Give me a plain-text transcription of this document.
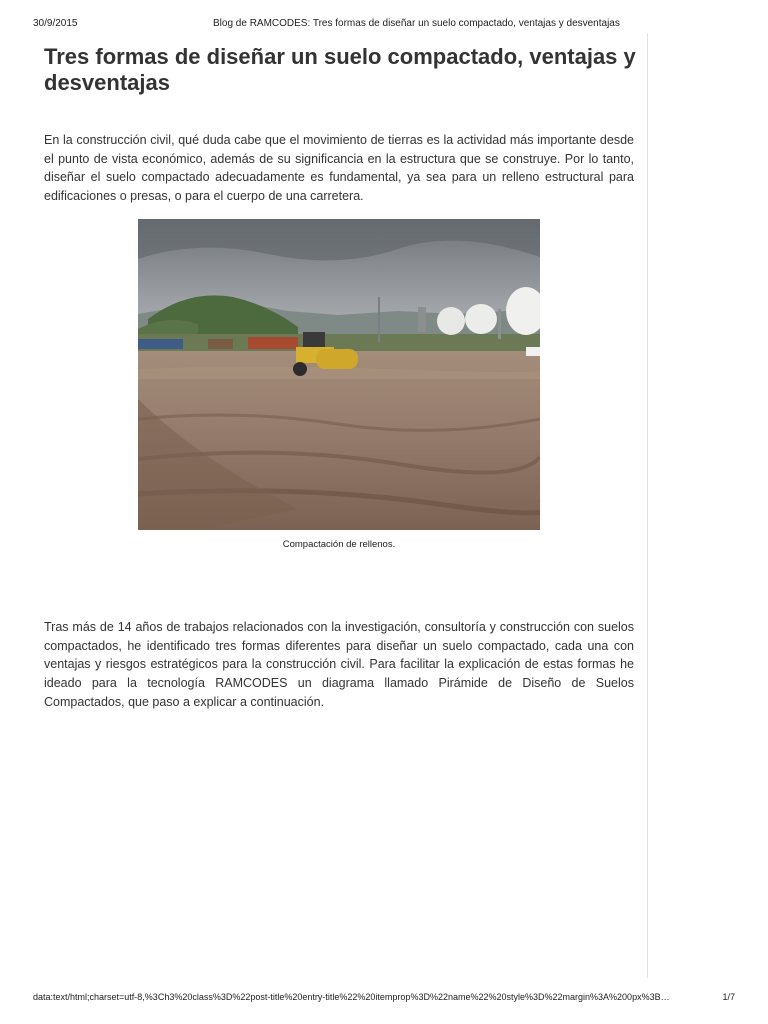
30/9/2015	Blog de RAMCODES: Tres formas de diseñar un suelo compactado, ventajas y desventajas
Tres formas de diseñar un suelo compactado, ventajas y desventajas

En la construcción civil, qué duda cabe que el movimiento de tierras es la actividad más importante desde el punto de vista económico, además de su significancia en la estructura que se construye. Por lo tanto, diseñar el suelo compactado adecuadamente es fundamental, ya sea para un relleno estructural para edificaciones o presas, o para el cuerpo de una carretera.

Compactación de rellenos.

Tras más de 14 años de trabajos relacionados con la investigación, consultoría y construcción con suelos compactados, he identificado tres formas diferentes para diseñar un suelo compactado, cada una con ventajas y riesgos estratégicos para la construcción civil. Para facilitar la explicación de estas formas he ideado para la tecnología RAMCODES un diagrama llamado Pirámide de Diseño de Suelos Compactados, que paso a explicar a continuación.

data:text/html;charset=utf-8,%3Ch3%20class%3D%22post-title%20entry-title%22%20itemprop%3D%22name%22%20style%3D%22margin%3A%200px%3B…	1/7
